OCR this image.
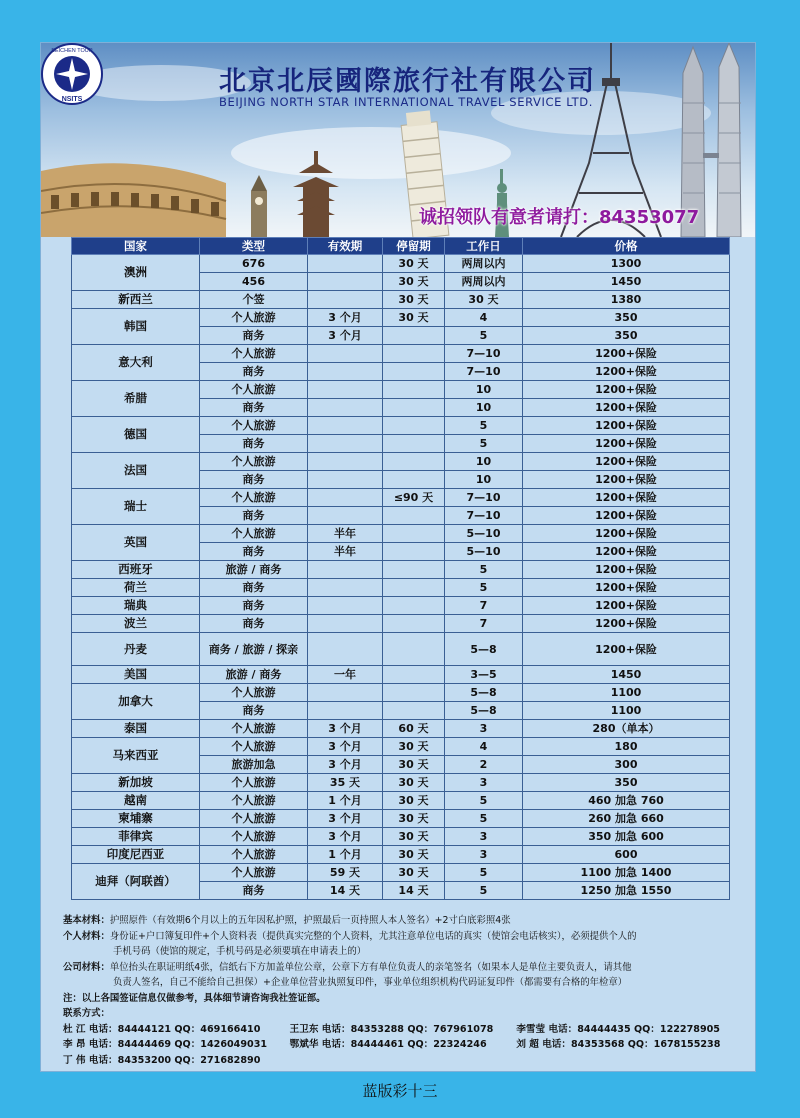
BEICHEN TOUR
NSITS
北京北辰國際旅行社有限公司
BEIJING NORTH STAR INTERNATIONAL TRAVEL SERVICE LTD.
诚招领队有意者请打：84353077
国家	类型	有效期	停留期	工作日	价格
澳洲	676		30 天	两周以内	1300
	456		30 天	两周以内	1450
新西兰	个签		30 天	30 天	1380
韩国	个人旅游	3 个月	30 天	4	350
	商务	3 个月		5	350
意大利	个人旅游			7—10	1200+保险
	商务			7—10	1200+保险
希腊	个人旅游			10	1200+保险
	商务			10	1200+保险
德国	个人旅游			5	1200+保险
	商务			5	1200+保险
法国	个人旅游			10	1200+保险
	商务			10	1200+保险
瑞士	个人旅游		≤90 天	7—10	1200+保险
	商务			7—10	1200+保险
英国	个人旅游	半年		5—10	1200+保险
	商务	半年		5—10	1200+保险
西班牙	旅游 / 商务			5	1200+保险
荷兰	商务			5	1200+保险
瑞典	商务			7	1200+保险
波兰	商务			7	1200+保险
丹麦	商务 / 旅游 / 探亲			5—8	1200+保险
美国	旅游 / 商务	一年		3—5	1450
加拿大	个人旅游			5—8	1100
	商务			5—8	1100
泰国	个人旅游	3 个月	60 天	3	280（单本）
马来西亚	个人旅游	3 个月	30 天	4	180
	旅游加急	3 个月	30 天	2	300
新加坡	个人旅游	35 天	30 天	3	350
越南	个人旅游	1 个月	30 天	5	460 加急 760
柬埔寨	个人旅游	3 个月	30 天	5	260 加急 660
菲律宾	个人旅游	3 个月	30 天	3	350 加急 600
印度尼西亚	个人旅游	1 个月	30 天	3	600
迪拜（阿联酋）	个人旅游	59 天	30 天	5	1100 加急 1400
	商务	14 天	14 天	5	1250 加急 1550
基本材料： 护照原件（有效期6个月以上的五年因私护照，护照最后一页持照人本人签名）+2寸白底彩照4张
个人材料： 身份证+户口簿复印件+个人资料表（提供真实完整的个人资料，尤其注意单位电话的真实（使馆会电话核实），必须提供个人的
手机号码（使馆的规定，手机号码是必须要填在申请表上的）
公司材料： 单位抬头在职证明纸4张，信纸右下方加盖单位公章，公章下方有单位负责人的亲笔签名（如果本人是单位主要负责人，请其他
负责人签名，自己不能给自己担保）+企业单位营业执照复印件，事业单位组织机构代码证复印件（都需要有合格的年检章）
注：以上各国签证信息仅做参考，具体细节请咨询我社签证部。
联系方式：
杜 江 电话：84444121 QQ：469166410	王卫东 电话：84353288 QQ：767961078	李雪莹 电话：84444435 QQ：122278905
李 昂 电话：84444469 QQ：1426049031	鄂斌华 电话：84444461 QQ：22324246	刘 超 电话：84353568 QQ：1678155238
丁 伟 电话：84353200 QQ：271682890
蓝版彩十三
